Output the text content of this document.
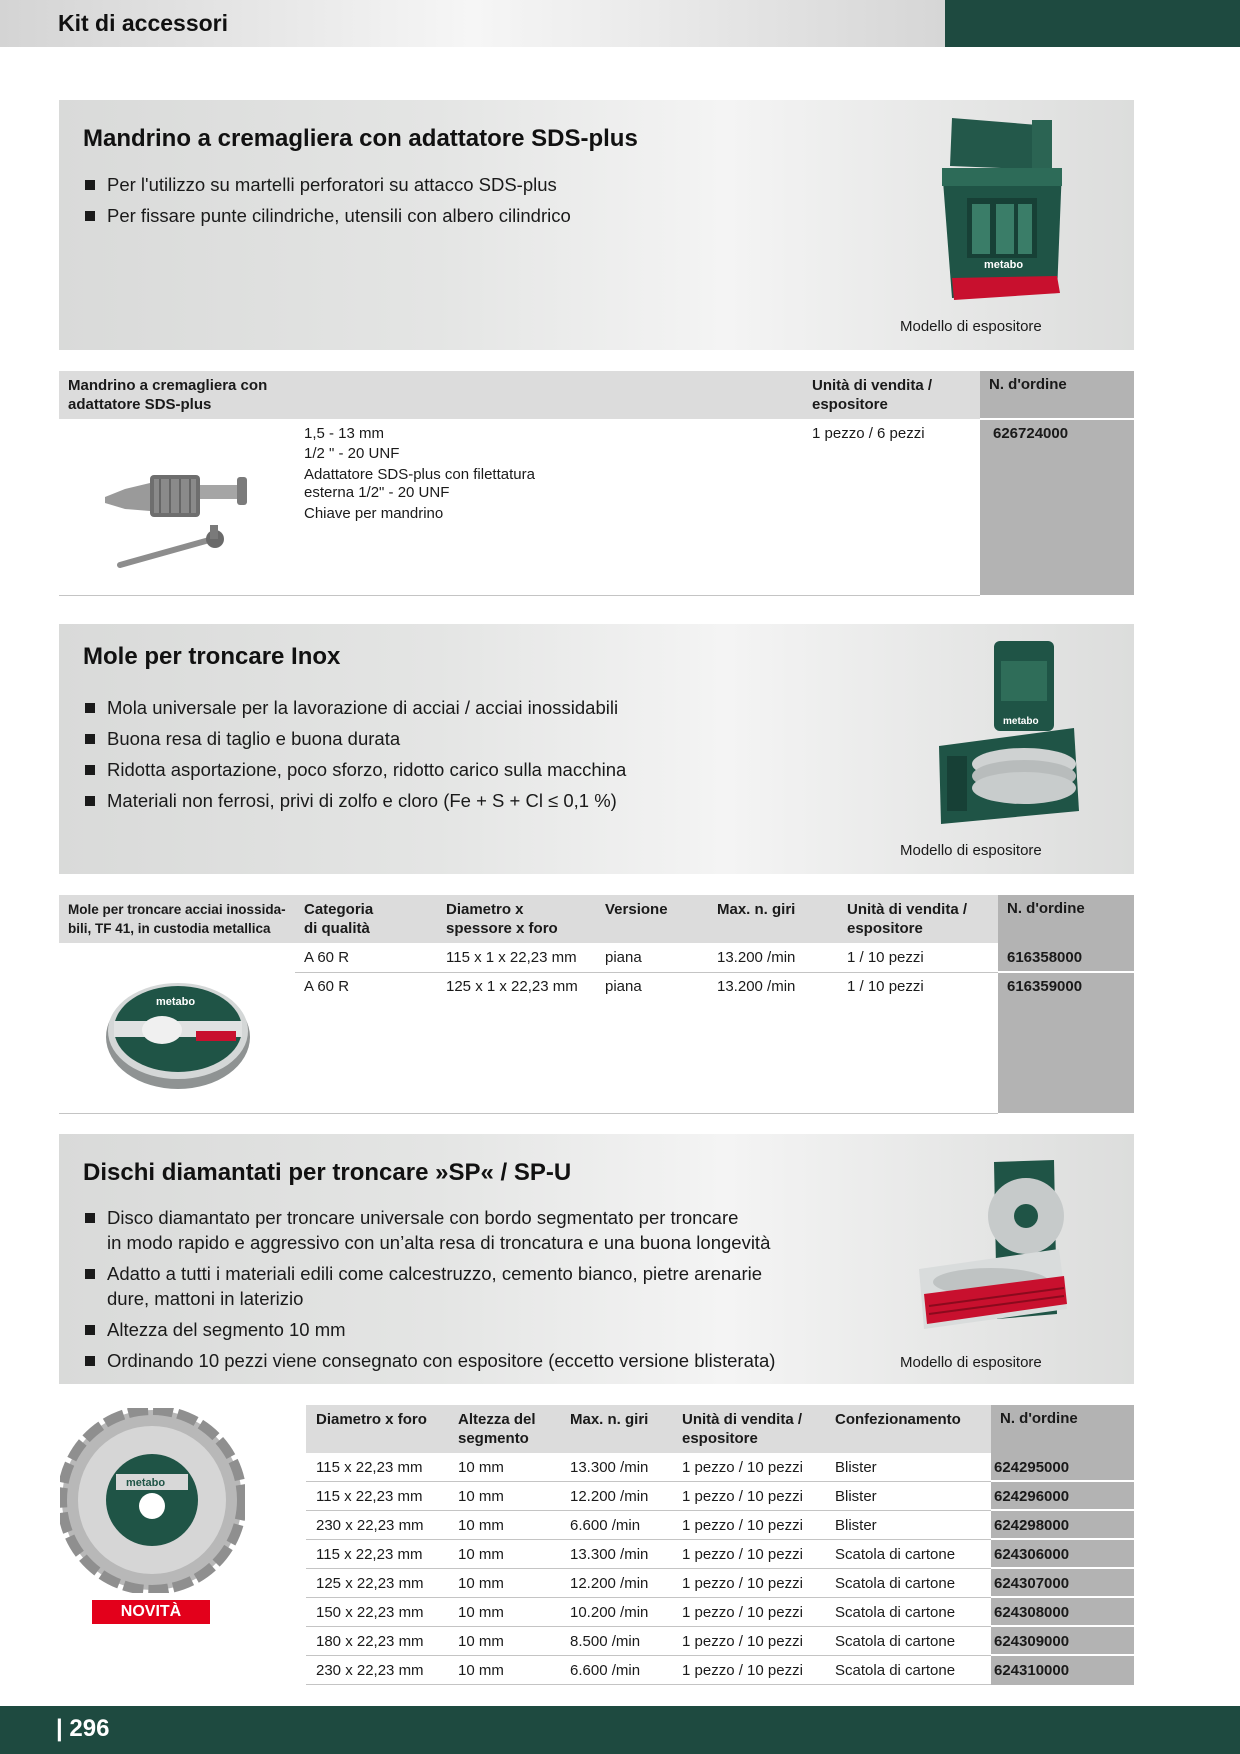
Kit di accessori
Mandrino a cremagliera con adattatore SDS-plus
Per l'utilizzo su martelli perforatori su attacco SDS-plus
Per fissare punte cilindriche, utensili con albero cilindrico
metabo
Modello di espositore
Mandrino a cremagliera con
adattatore SDS-plus
Unità di vendita /
espositore
N. d'ordine
1,5 - 13 mm
1/2 " - 20 UNF
Adattatore SDS-plus con filettatura
esterna 1/2" - 20 UNF
Chiave per mandrino
1 pezzo / 6 pezzi	626724000
Mole per troncare Inox
Mola universale per la lavorazione di acciai / acciai inossidabili
Buona resa di taglio e buona durata
Ridotta asportazione, poco sforzo, ridotto carico sulla macchina
Materiali non ferrosi, privi di zolfo e cloro (Fe + S + Cl ≤ 0,1 %)
metabo
Modello di espositore
Mole per troncare acciai inossida-
bili, TF 41, in custodia metallica
Categoria
di qualità
Diametro x
spessore x foro
Versione	Max. n. giri	Unità di vendita /
espositore
N. d'ordine
metabo
A 60 R	115 x 1 x 22,23 mm piana	13.200 /min	1 / 10 pezzi	616358000
A 60 R	125 x 1 x 22,23 mm piana	13.200 /min	1 / 10 pezzi	616359000
Dischi diamantati per troncare »SP« / SP-U
Disco diamantato per troncare universale con bordo segmentato per troncare
in modo rapido e aggressivo con un’alta resa di troncatura e una buona longevità
Adatto a tutti i materiali edili come calcestruzzo, cemento bianco, pietre arenarie
dure, mattoni in laterizio
Altezza del segmento 10 mm
Ordinando 10 pezzi viene consegnato con espositore (eccetto versione blisterata)	Modello di espositore
metabo
NOVITÀ
Diametro x foro Altezza del
segmento
Max. n. giri Unità di vendita /
espositore
Confezionamento	N. d'ordine
115 x 22,23 mm 10 mm	13.300 /min 1 pezzo / 10 pezzi Blister	624295000
115 x 22,23 mm 10 mm	12.200 /min 1 pezzo / 10 pezzi Blister	624296000
230 x 22,23 mm 10 mm	6.600 /min	1 pezzo / 10 pezzi Blister	624298000
115 x 22,23 mm 10 mm	13.300 /min 1 pezzo / 10 pezzi Scatola di cartone	624306000
125 x 22,23 mm 10 mm	12.200 /min 1 pezzo / 10 pezzi Scatola di cartone	624307000
150 x 22,23 mm 10 mm	10.200 /min 1 pezzo / 10 pezzi Scatola di cartone	624308000
180 x 22,23 mm 10 mm	8.500 /min	1 pezzo / 10 pezzi Scatola di cartone	624309000
230 x 22,23 mm 10 mm	6.600 /min	1 pezzo / 10 pezzi Scatola di cartone	624310000
| 296
